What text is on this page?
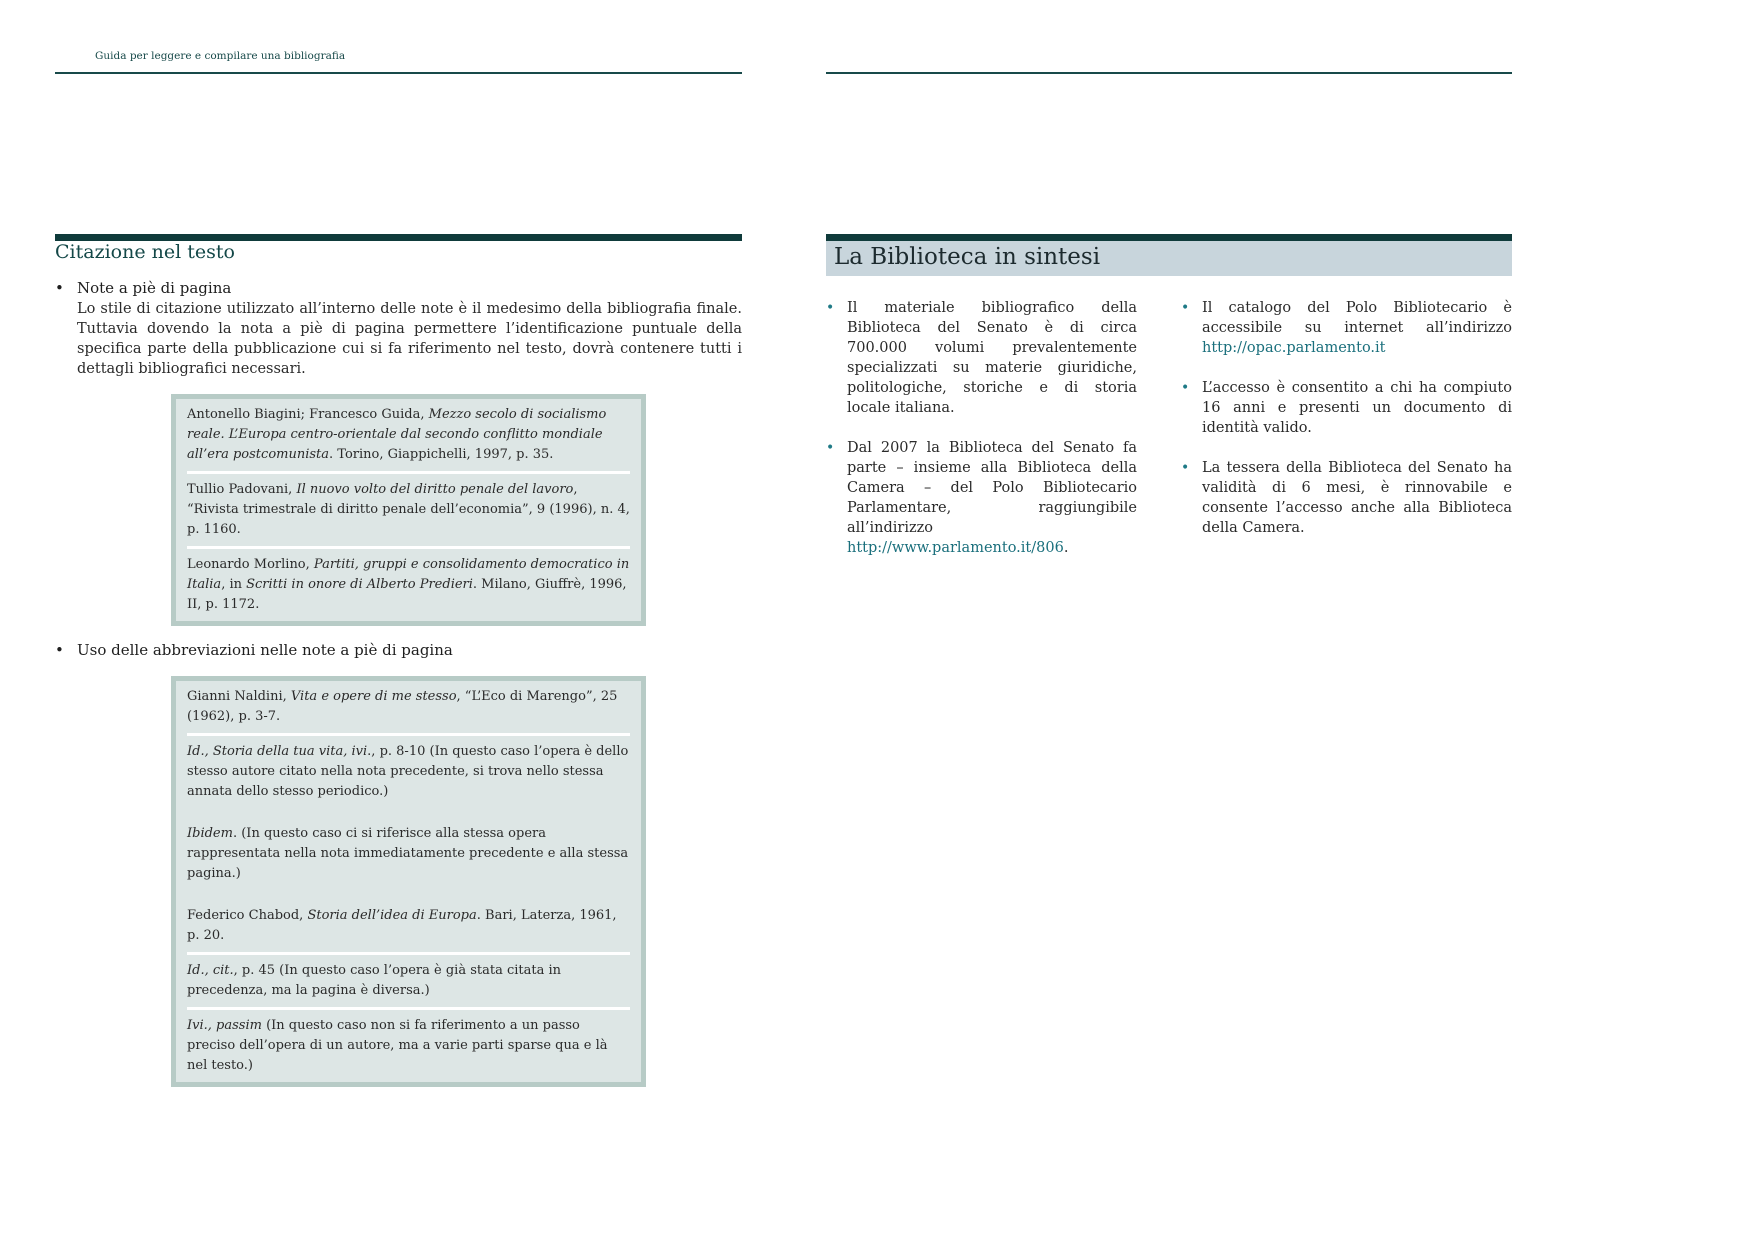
Guida per leggere e compilare una bibliografia
Citazione nel testo
• Note a piè di pagina
Lo stile di citazione utilizzato all’interno delle note è il medesimo della bibliografia finale. Tuttavia dovendo la nota a piè di pagina permettere l’identificazione puntuale della specifica parte della pubblicazione cui si fa riferimento nel testo, dovrà contenere tutti i dettagli bibliografici necessari.
Antonello Biagini; Francesco Guida, Mezzo secolo di socialismo reale. L’Europa centro-orientale dal secondo conflitto mondiale all’era postcomunista. Torino, Giappichelli, 1997, p. 35.
Tullio Padovani, Il nuovo volto del diritto penale del lavoro, “Rivista trimestrale di diritto penale dell’economia”, 9 (1996), n. 4, p. 1160.
Leonardo Morlino, Partiti, gruppi e consolidamento democratico in Italia, in Scritti in onore di Alberto Predieri. Milano, Giuffrè, 1996, II, p. 1172.
• Uso delle abbreviazioni nelle note a piè di pagina
Gianni Naldini, Vita e opere di me stesso, “L’Eco di Marengo”, 25 (1962), p. 3-7.
Id., Storia della tua vita, ivi., p. 8-10 (In questo caso l’opera è dello stesso autore citato nella nota precedente, si trova nello stessa annata dello stesso periodico.)
Ibidem. (In questo caso ci si riferisce alla stessa opera rappresentata nella nota immediatamente precedente e alla stessa pagina.)
Federico Chabod, Storia dell’idea di Europa. Bari, Laterza, 1961, p. 20.
Id., cit., p. 45 (In questo caso l’opera è già stata citata in precedenza, ma la pagina è diversa.)
Ivi., passim (In questo caso non si fa riferimento a un passo preciso dell’opera di un autore, ma a varie parti sparse qua e là nel testo.)
La Biblioteca in sintesi
• Il materiale bibliografico della Biblioteca del Senato è di circa 700.000 volumi prevalentemente specializzati su materie giuridiche, politologiche, storiche e di storia locale italiana.
• Dal 2007 la Biblioteca del Senato fa parte – insieme alla Biblioteca della Camera – del Polo Bibliotecario Parlamentare, raggiungibile all’indirizzo http://www.parlamento.it/806.
• Il catalogo del Polo Bibliotecario è accessibile su internet all’indirizzo http://opac.parlamento.it
• L’accesso è consentito a chi ha compiuto 16 anni e presenti un documento di identità valido.
• La tessera della Biblioteca del Senato ha validità di 6 mesi, è rinnovabile e consente l’accesso anche alla Biblioteca della Camera.
